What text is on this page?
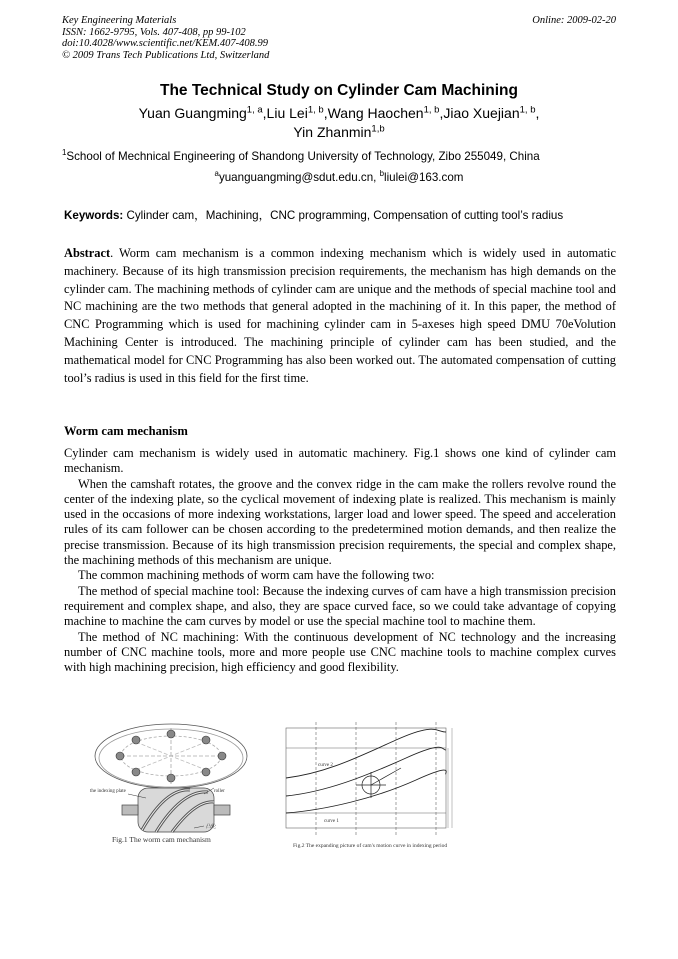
Key Engineering Materials
ISSN: 1662-9795, Vols. 407-408, pp 99-102
doi:10.4028/www.scientific.net/KEM.407-408.99
© 2009 Trans Tech Publications Ltd, Switzerland
Online: 2009-02-20
The Technical Study on Cylinder Cam Machining
Yuan Guangming$^{1, a}$,Liu Lei$^{1, b}$,Wang Haochen$^{1, b}$,Jiao Xuejian$^{1, b}$,
Yin Zhanmin$^{1,b}$
$^1$School of Mechnical Engineering of Shandong University of Technology, Zibo 255049, China
$^a$yuanguangming@sdut.edu.cn, $^b$liulei@163.com
Keywords: Cylinder cam，Machining，CNC programming, Compensation of cutting tool’s radius
Abstract. Worm cam mechanism is a common indexing mechanism which is widely used in automatic machinery. Because of its high transmission precision requirements, the mechanism has high demands on the cylinder cam. The machining methods of cylinder cam are unique and the methods of special machine tool and NC machining are the two methods that general adopted in the machining of it. In this paper, the method of CNC Programming which is used for machining cylinder cam in 5-axeses high speed DMU 70eVolution Machining Center is introduced. The machining principle of cylinder cam has been studied, and the mathematical model for CNC Programming has also been worked out. The automated compensation of cutting tool’s radius is used in this field for the first time.
Worm cam mechanism

Cylinder cam mechanism is widely used in automatic machinery. Fig.1 shows one kind of cylinder cam mechanism.

When the camshaft rotates, the groove and the convex ridge in the cam make the rollers revolve round the center of the indexing plate, so the cyclical movement of indexing plate is realized. This mechanism is mainly used in the occasions of more indexing workstations, larger load and lower speed. The speed and acceleration rules of its cam follower can be chosen according to the predetermined motion demands, and then realize the precise transmission. Because of its high transmission precision requirements, the special and complex shape, the machining methods of this mechanism are unique.

The common machining methods of worm cam have the following two:

The method of special machine tool: Because the indexing curves of cam have a high transmission precision requirement and complex shape, and also, they are space curved face, so we could take advantage of copying machine to machine the cam curves by model or use the special machine tool to machine them.

The method of NC machining: With the continuous development of NC technology and the increasing number of CNC machine tools, more and more people use CNC machine tools to machine complex curves with high machining precision, high efficiency and good flexibility.

the indexing plate	roller
凸轮
Fig.1 The worm cam mechanism
curve 2
curve 1
Fig.2 The expanding picture of cam's motion curve in indexing period
